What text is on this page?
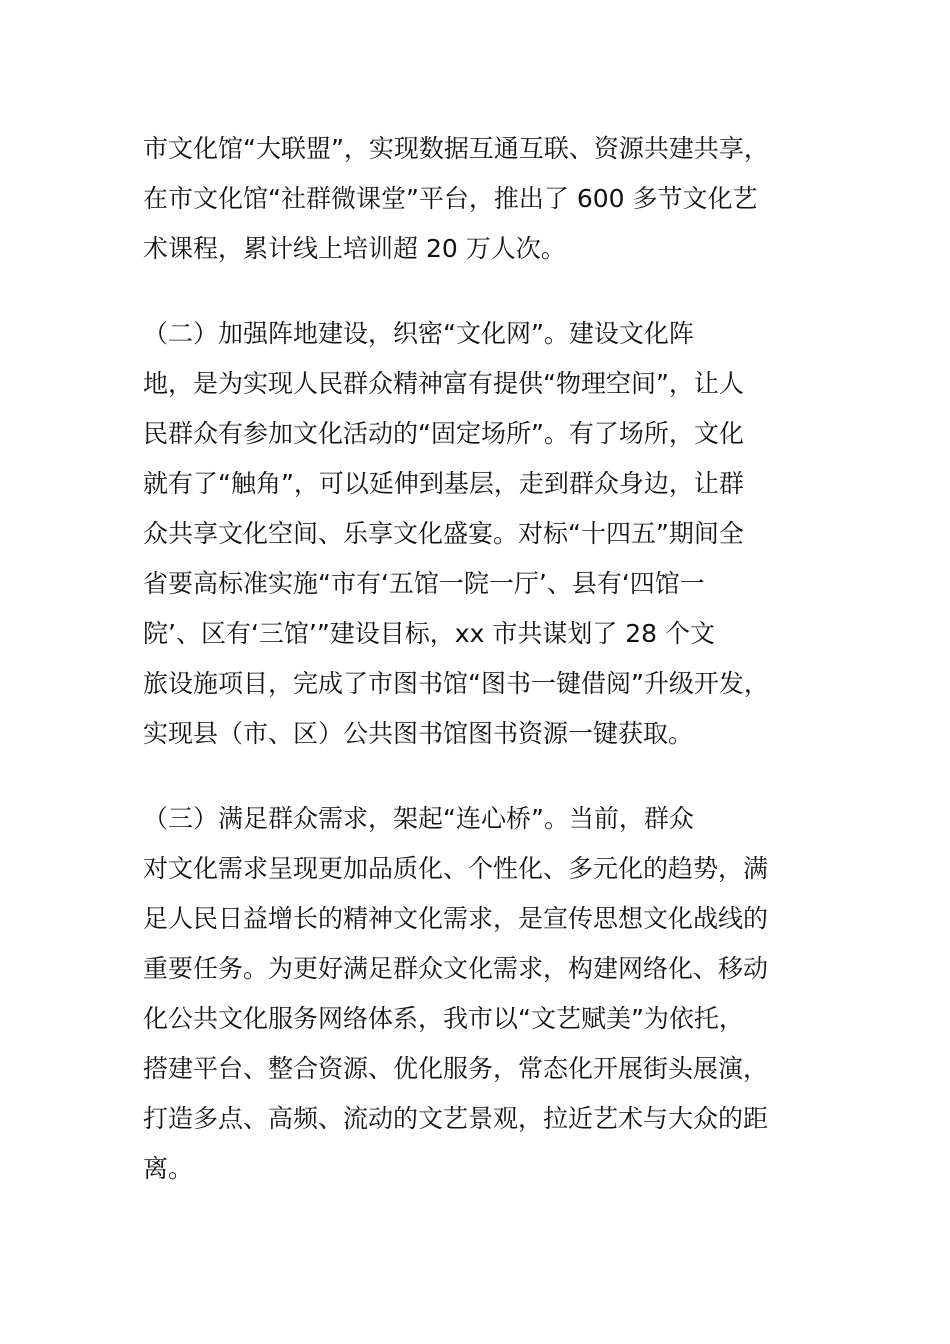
市文化馆“大联盟”，实现数据互通互联、资源共建共享，
在市文化馆“社群微课堂”平台，推出了 600 多节文化艺
术课程，累计线上培训超 20 万人次。
（二）加强阵地建设，织密“文化网”。建设文化阵
地，是为实现人民群众精神富有提供“物理空间”，让人
民群众有参加文化活动的“固定场所”。有了场所，文化
就有了“触角”，可以延伸到基层，走到群众身边，让群
众共享文化空间、乐享文化盛宴。对标“十四五”期间全
省要高标准实施“市有‘五馆一院一厅’、县有‘四馆一
院’、区有‘三馆’”建设目标，xx 市共谋划了 28 个文
旅设施项目，完成了市图书馆“图书一键借阅”升级开发，
实现县（市、区）公共图书馆图书资源一键获取。
（三）满足群众需求，架起“连心桥”。当前，群众
对文化需求呈现更加品质化、个性化、多元化的趋势，满
足人民日益增长的精神文化需求，是宣传思想文化战线的
重要任务。为更好满足群众文化需求，构建网络化、移动
化公共文化服务网络体系，我市以“文艺赋美”为依托，
搭建平台、整合资源、优化服务，常态化开展街头展演，
打造多点、高频、流动的文艺景观，拉近艺术与大众的距
离。
